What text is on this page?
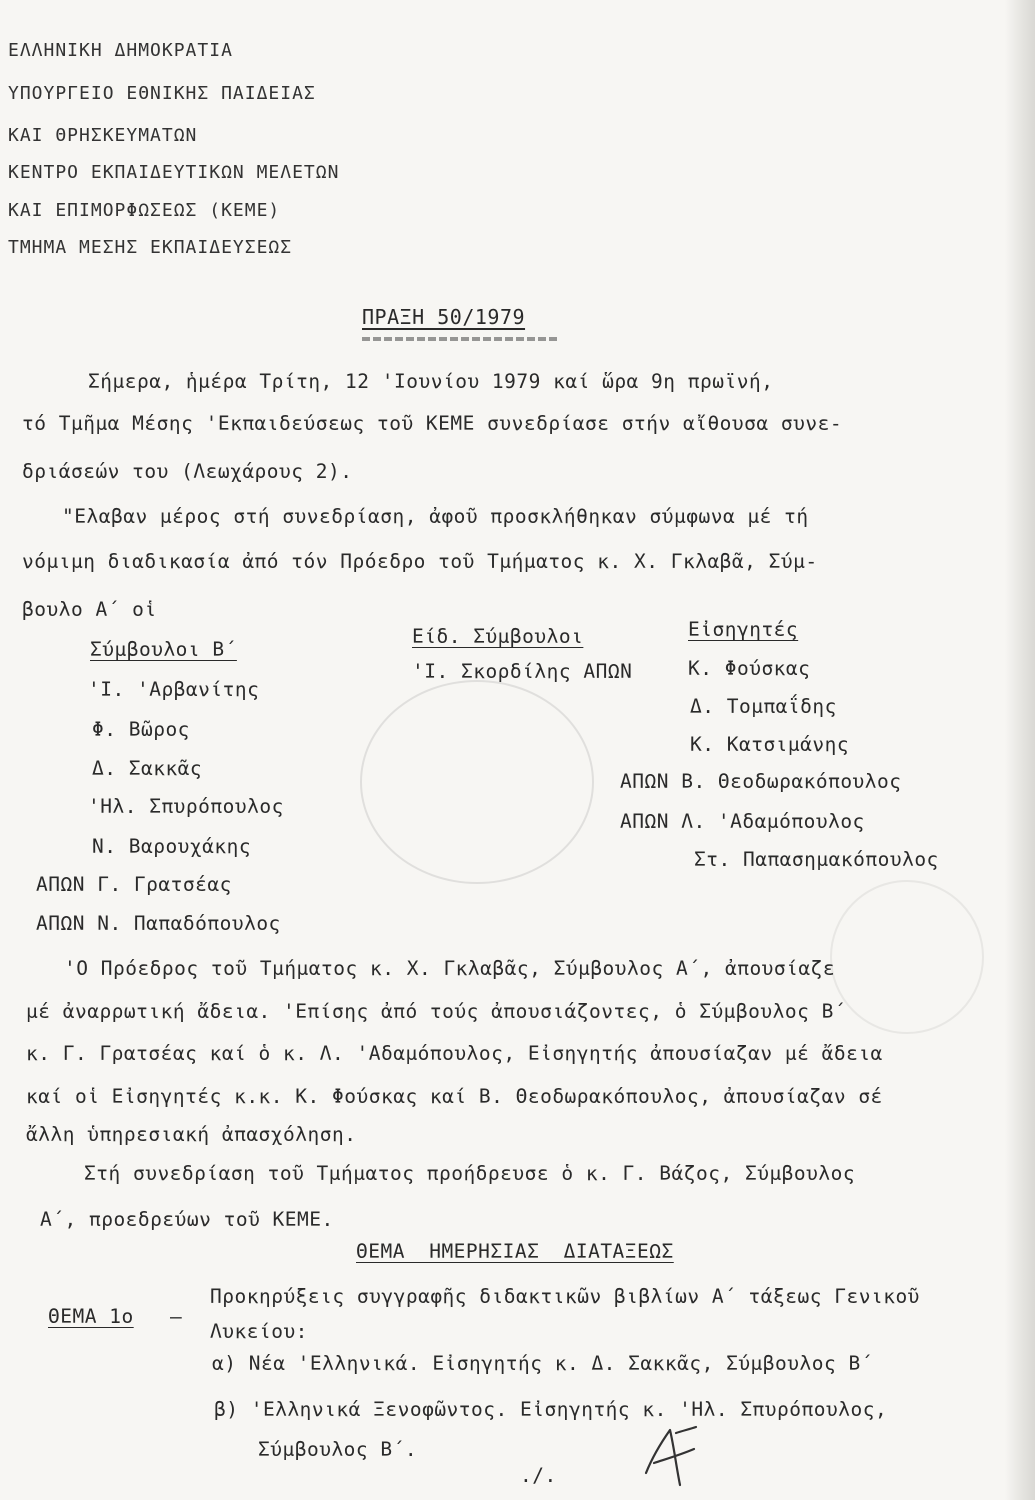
ΕΛΛΗΝΙΚΗ ΔΗΜΟΚΡΑΤΙΑ
ΥΠΟΥΡΓΕΙΟ ΕΘΝΙΚΗΣ ΠΑΙΔΕΙΑΣ
ΚΑΙ ΘΡΗΣΚΕΥΜΑΤΩΝ
ΚΕΝΤΡΟ ΕΚΠΑΙΔΕΥΤΙΚΩΝ ΜΕΛΕΤΩΝ
ΚΑΙ ΕΠΙΜΟΡΦΩΣΕΩΣ (ΚΕΜΕ)
ΤΜΗΜΑ ΜΕΣΗΣ ΕΚΠΑΙΔΕΥΣΕΩΣ
ΠΡΑΞΗ 50/1979
Σήμερα, ἡμέρα Τρίτη, 12 'Ιουνίου 1979 καί ὥρα 9η πρωϊνή,
τό Τμῆμα Μέσης 'Εκπαιδεύσεως τοῦ ΚΕΜΕ συνεδρίασε στήν αἴθουσα συνε-
δριάσεών του (Λεωχάρους 2).
"Ελαβαν μέρος στή συνεδρίαση, ἀφοῦ προσκλήθηκαν σύμφωνα μέ τή
νόμιμη διαδικασία ἀπό τόν Πρόεδρο τοῦ Τμήματος κ. Χ. Γκλαβᾶ, Σύμ-
βουλο Α΄ οἱ
Σύμβουλοι Β΄
'Ι. 'Αρβανίτης
Φ. Βῶρος
Δ. Σακκᾶς
'Ηλ. Σπυρόπουλος
Ν. Βαρουχάκης
ΑΠΩΝ Γ. Γρατσέας
ΑΠΩΝ Ν. Παπαδόπουλος
Είδ. Σύμβουλοι
'Ι. Σκορδίλης ΑΠΩΝ
Εἰσηγητές
Κ. Φούσκας
Δ. Τομπαΐδης
Κ. Κατσιμάνης
ΑΠΩΝ Β. Θεοδωρακόπουλος
ΑΠΩΝ Λ. 'Αδαμόπουλος
Στ. Παπασημακόπουλος
'Ο Πρόεδρος τοῦ Τμήματος κ. Χ. Γκλαβᾶς, Σύμβουλος Α΄, ἀπουσίαζε
μέ ἀναρρωτική ἄδεια. 'Επίσης ἀπό τούς ἀπουσιάζοντες, ὁ Σύμβουλος Β΄
κ. Γ. Γρατσέας καί ὁ κ. Λ. 'Αδαμόπουλος, Εἰσηγητής ἀπουσίαζαν μέ ἄδεια
καί οἱ Εἰσηγητές κ.κ. Κ. Φούσκας καί Β. Θεοδωρακόπουλος, ἀπουσίαζαν σέ
ἄλλη ὑπηρεσιακή ἀπασχόληση.
Στή συνεδρίαση τοῦ Τμήματος προήδρευσε ὁ κ. Γ. Βάζος, Σύμβουλος
Α΄, προεδρεύων τοῦ ΚΕΜΕ.
ΘΕΜΑ ΗΜΕΡΗΣΙΑΣ ΔΙΑΤΑΞΕΩΣ
ΘΕΜΑ 1ο –
Προκηρύξεις συγγραφῆς διδακτικῶν βιβλίων Α΄ τάξεως Γενικοῦ
Λυκείου:
α) Νέα 'Ελληνικά. Εἰσηγητής κ. Δ. Σακκᾶς, Σύμβουλος Β΄
β) 'Ελληνικά Ξενοφῶντος. Εἰσηγητής κ. 'Ηλ. Σπυρόπουλος,
Σύμβουλος Β΄.
./.
